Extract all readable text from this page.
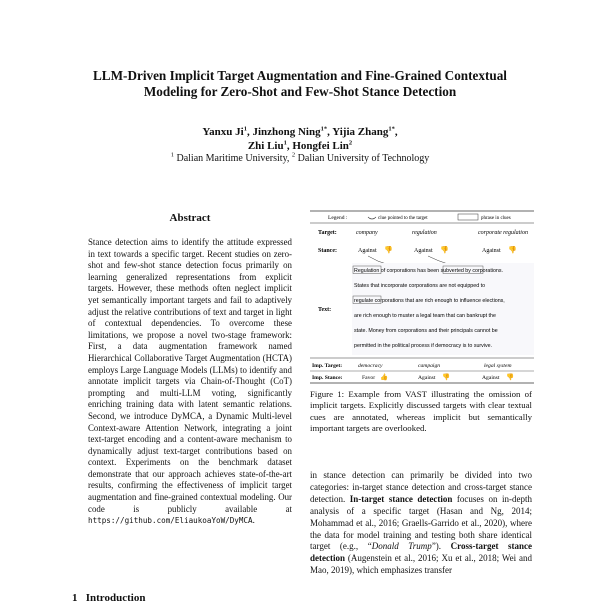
LLM-Driven Implicit Target Augmentation and Fine-Grained Contextual
Modeling for Zero-Shot and Few-Shot Stance Detection
Yanxu Ji$^1$, Jinzhong Ning$^{1*}$, Yijia Zhang$^{1*}$,
Zhi Liu$^1$, Hongfei Lin$^2$
$^1$ Dalian Maritime University, $^2$ Dalian University of Technology
Abstract
Stance detection aims to identify the attitude expressed in text towards a specific target. Recent studies on zero-shot and few-shot stance detection focus primarily on learning generalized representations from explicit targets. However, these methods often neglect implicit yet semantically important targets and fail to adaptively adjust the relative contributions of text and target in light of contextual dependencies. To overcome these limitations, we propose a novel two-stage framework: First, a data augmentation framework named Hierarchical Collaborative Target Augmentation (HCTA) employs Large Language Models (LLMs) to identify and annotate implicit targets via Chain-of-Thought (CoT) prompting and multi-LLM voting, significantly enriching training data with latent semantic relations. Second, we introduce DyMCA, a Dynamic Multi-level Context-aware Attention Network, integrating a joint text-target encoding and a content-aware mechanism to dynamically adjust text-target contributions based on context. Experiments on the benchmark dataset demonstrate that our approach achieves state-of-the-art results, confirming the effectiveness of implicit target augmentation and fine-grained contextual modeling. Our code is publicly available at https://github.com/EliaukoaYoW/DyMCA.
1 Introduction
Legend :	clue pointed to the target	phrase in clues
Target:	company	regulation	corporate regulation
Stance:	Against 👎	Against 👎	Against 👎
Text:
Regulation of corporations has been subverted by corporations.
States that incorporate corporations are not equipped to
regulate corporations that are rich enough to influence elections,
are rich enough to muster a legal team that can bankrupt the
state. Money from corporations and their principals cannot be
permitted in the political process if democracy is to survive.
Imp. Target:	democracy	campaign	legal system
Imp. Stance:	Favor 👍	Against 👎	Against 👎
Figure 1: Example from VAST illustrating the omission of implicit targets. Explicitly discussed targets with clear textual cues are annotated, whereas implicit but semantically important targets are overlooked.
in stance detection can primarily be divided into two categories: in-target stance detection and cross-target stance detection. In-target stance detection focuses on in-depth analysis of a specific target (Hasan and Ng, 2014; Mohammad et al., 2016; Graells-Garrido et al., 2020), where the data for model training and testing both share identical target (e.g., “Donald Trump”). Cross-target stance detection (Augenstein et al., 2016; Xu et al., 2018; Wei and Mao, 2019), which emphasizes transfer
